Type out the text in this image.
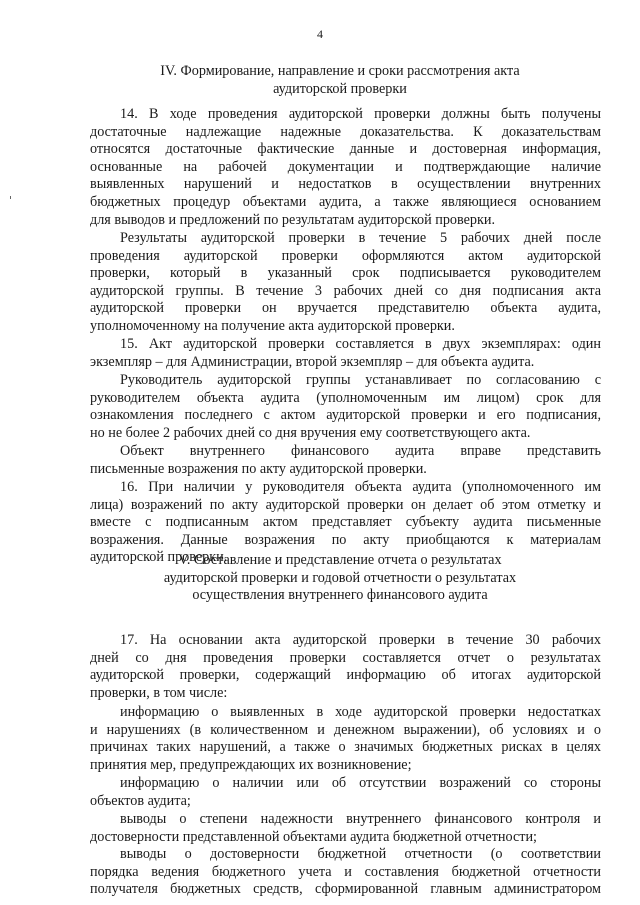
4
IV. Формирование, направление и сроки рассмотрения акта
аудиторской проверки
14. В ходе проведения аудиторской проверки должны быть получены
достаточные надлежащие надежные доказательства. К доказательствам
относятся достаточные фактические данные и достоверная информация,
основанные на рабочей документации и подтверждающие наличие
выявленных нарушений и недостатков в осуществлении внутренних
бюджетных процедур объектами аудита, а также являющиеся основанием
для выводов и предложений по результатам аудиторской проверки.
Результаты аудиторской проверки в течение 5 рабочих дней после
проведения аудиторской проверки оформляются актом аудиторской
проверки, который в указанный срок подписывается руководителем
аудиторской группы. В течение 3 рабочих дней со дня подписания акта
аудиторской проверки он вручается представителю объекта аудита,
уполномоченному на получение акта аудиторской проверки.
15. Акт аудиторской проверки составляется в двух экземплярах: один
экземпляр – для Администрации, второй экземпляр – для объекта аудита.
Руководитель аудиторской группы устанавливает по согласованию с
руководителем объекта аудита (уполномоченным им лицом) срок для
ознакомления последнего с актом аудиторской проверки и его подписания,
но не более 2 рабочих дней со дня вручения ему соответствующего акта.
Объект внутреннего финансового аудита вправе представить
письменные возражения по акту аудиторской проверки.
16. При наличии у руководителя объекта аудита (уполномоченного им
лица) возражений по акту аудиторской проверки он делает об этом отметку и
вместе с подписанным актом представляет субъекту аудита письменные
возражения. Данные возражения по акту приобщаются к материалам
аудиторской проверки.
V. Составление и представление отчета о результатах
аудиторской проверки и годовой отчетности о результатах
осуществления внутреннего финансового аудита
17. На основании акта аудиторской проверки в течение 30 рабочих
дней со дня проведения проверки составляется отчет о результатах
аудиторской проверки, содержащий информацию об итогах аудиторской
проверки, в том числе:
информацию о выявленных в ходе аудиторской проверки недостатках
и нарушениях (в количественном и денежном выражении), об условиях и о
причинах таких нарушений, а также о значимых бюджетных рисках в целях
принятия мер, предупреждающих их возникновение;
информацию о наличии или об отсутствии возражений со стороны
объектов аудита;
выводы о степени надежности внутреннего финансового контроля и
достоверности представленной объектами аудита бюджетной отчетности;
выводы о достоверности бюджетной отчетности (о соответствии
порядка ведения бюджетного учета и составления бюджетной отчетности
получателя бюджетных средств, сформированной главным администратором
